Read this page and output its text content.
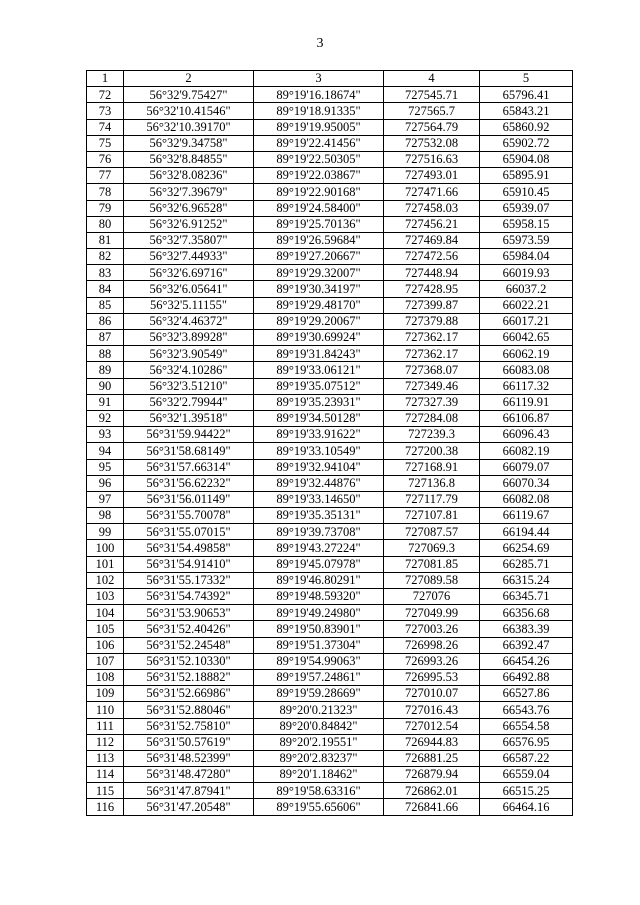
3
1	2	3	4	5
72	56°32'9.75427"	89°19'16.18674"	727545.71	65796.41
73	56°32'10.41546"	89°19'18.91335"	727565.7	65843.21
74	56°32'10.39170"	89°19'19.95005"	727564.79	65860.92
75	56°32'9.34758"	89°19'22.41456"	727532.08	65902.72
76	56°32'8.84855"	89°19'22.50305"	727516.63	65904.08
77	56°32'8.08236"	89°19'22.03867"	727493.01	65895.91
78	56°32'7.39679"	89°19'22.90168"	727471.66	65910.45
79	56°32'6.96528"	89°19'24.58400"	727458.03	65939.07
80	56°32'6.91252"	89°19'25.70136"	727456.21	65958.15
81	56°32'7.35807"	89°19'26.59684"	727469.84	65973.59
82	56°32'7.44933"	89°19'27.20667"	727472.56	65984.04
83	56°32'6.69716"	89°19'29.32007"	727448.94	66019.93
84	56°32'6.05641"	89°19'30.34197"	727428.95	66037.2
85	56°32'5.11155"	89°19'29.48170"	727399.87	66022.21
86	56°32'4.46372"	89°19'29.20067"	727379.88	66017.21
87	56°32'3.89928"	89°19'30.69924"	727362.17	66042.65
88	56°32'3.90549"	89°19'31.84243"	727362.17	66062.19
89	56°32'4.10286"	89°19'33.06121"	727368.07	66083.08
90	56°32'3.51210"	89°19'35.07512"	727349.46	66117.32
91	56°32'2.79944"	89°19'35.23931"	727327.39	66119.91
92	56°32'1.39518"	89°19'34.50128"	727284.08	66106.87
93	56°31'59.94422"	89°19'33.91622"	727239.3	66096.43
94	56°31'58.68149"	89°19'33.10549"	727200.38	66082.19
95	56°31'57.66314"	89°19'32.94104"	727168.91	66079.07
96	56°31'56.62232"	89°19'32.44876"	727136.8	66070.34
97	56°31'56.01149"	89°19'33.14650"	727117.79	66082.08
98	56°31'55.70078"	89°19'35.35131"	727107.81	66119.67
99	56°31'55.07015"	89°19'39.73708"	727087.57	66194.44
100	56°31'54.49858"	89°19'43.27224"	727069.3	66254.69
101	56°31'54.91410"	89°19'45.07978"	727081.85	66285.71
102	56°31'55.17332"	89°19'46.80291"	727089.58	66315.24
103	56°31'54.74392"	89°19'48.59320"	727076	66345.71
104	56°31'53.90653"	89°19'49.24980"	727049.99	66356.68
105	56°31'52.40426"	89°19'50.83901"	727003.26	66383.39
106	56°31'52.24548"	89°19'51.37304"	726998.26	66392.47
107	56°31'52.10330"	89°19'54.99063"	726993.26	66454.26
108	56°31'52.18882"	89°19'57.24861"	726995.53	66492.88
109	56°31'52.66986"	89°19'59.28669"	727010.07	66527.86
110	56°31'52.88046"	89°20'0.21323"	727016.43	66543.76
111	56°31'52.75810"	89°20'0.84842"	727012.54	66554.58
112	56°31'50.57619"	89°20'2.19551"	726944.83	66576.95
113	56°31'48.52399"	89°20'2.83237"	726881.25	66587.22
114	56°31'48.47280"	89°20'1.18462"	726879.94	66559.04
115	56°31'47.87941"	89°19'58.63316"	726862.01	66515.25
116	56°31'47.20548"	89°19'55.65606"	726841.66	66464.16
